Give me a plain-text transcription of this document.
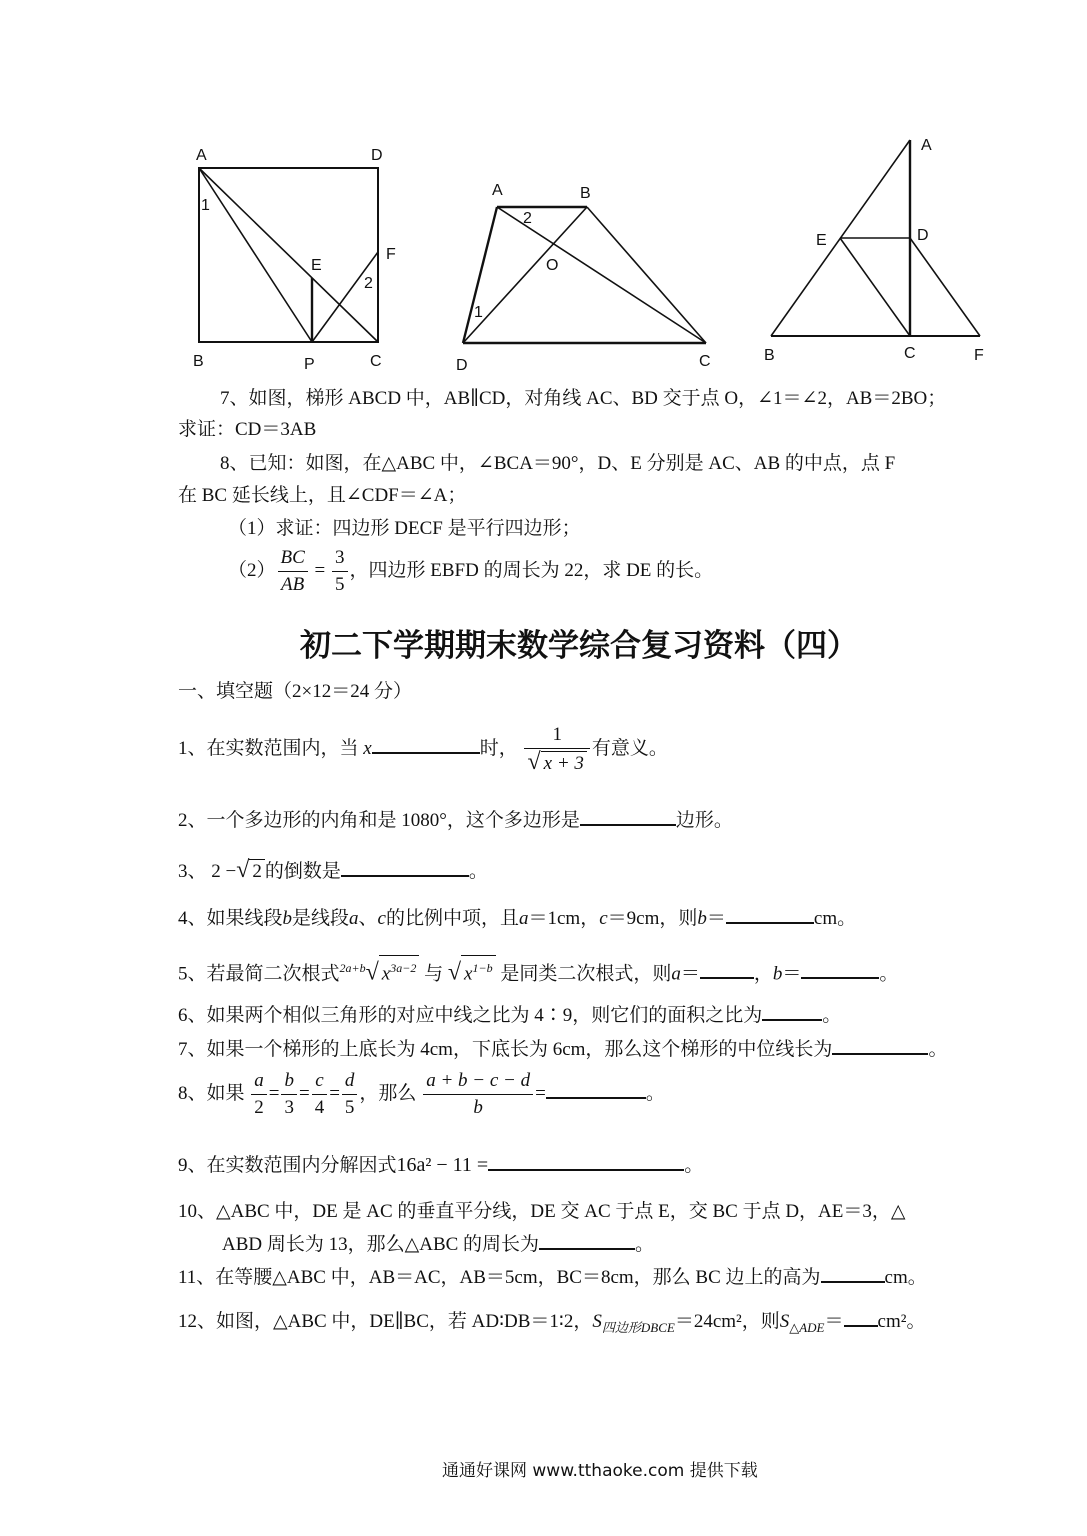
A	D
B	P	C
E
F
1
2
A	B
D	C
O
1
2
A
E	D
B	C	F
7、如图，梯形 ABCD 中，AB∥CD，对角线 AC、BD 交于点 O，∠1＝∠2，AB＝2BO；
求证：CD＝3AB
8、已知：如图，在△ABC 中，∠BCA＝90°，D、E 分别是 AC、AB 的中点，点 F
在 BC 延长线上，且∠CDF＝∠A；
（1）求证：四边形 DECF 是平行四边形；
$(2) \frac{BC}{AB} = \frac{3}{5}$ ，四边形 EBFD 的周长为 22，求 DE 的长。
初二下学期期末数学综合复习资料（四）
一、填空题（2×12＝24 分）
1、在实数范围内，当 x	时， $\frac{1}{√ x + 3}$ 有意义。
2、一个多边形的内角和是 1080°，这个多边形是	边形。
3、 2 −√ 2 的倒数是	。
4、如果线段b是线段a、c的比例中项，且a＝1cm，c＝9cm，则b＝	cm。
5、若最简二次根式$^{2a+b}$√ $x^{3a-2}$ 与 √ $x^{1-b}$ 是同类二次根式，则a＝	，b＝	。
6、如果两个相似三角形的对应中线之比为 4∶9，则它们的面积之比为	。
7、如果一个梯形的上底长为 4cm，下底长为 6cm，那么这个梯形的中位线长为	。
8、如果 $\frac{a}{2} = \frac{b}{3} = \frac{c}{4} = \frac{d}{5}$ ，那么 $\frac{a + b - c - d}{b}$ =	。
9、在实数范围内分解因式16a² − 11 =	。
10、△ABC 中，DE 是 AC 的垂直平分线，DE 交 AC 于点 E，交 BC 于点 D，AE＝3，△
ABD 周长为 13，那么△ABC 的周长为	。
11、在等腰△ABC 中，AB＝AC，AB＝5cm，BC＝8cm，那么 BC 边上的高为	cm。
12、如图，△ABC 中，DE∥BC，若 AD∶DB＝1∶2，$S_{四边形DBCE}=24cm^2$，则$S_{\triangle ADE}= cm^2$。
通通好课网 www.tthaoke.com 提供下载
